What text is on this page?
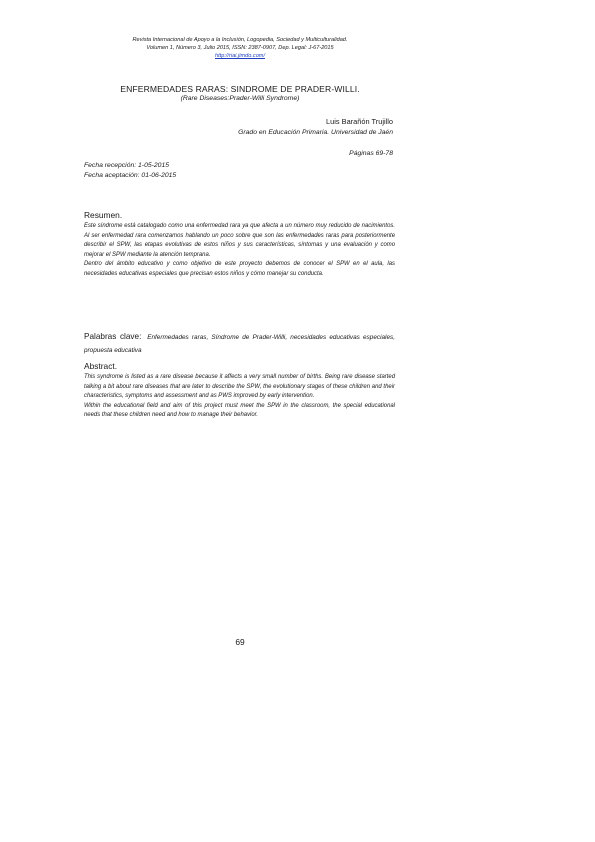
Revista Internacional de Apoyo a la Inclusión, Logopedia, Sociedad y Multiculturalidad.
Volumen 1, Número 3, Julio 2015, ISSN: 2387-0907, Dep. Legal: J-67-2015
http://riai.jimdo.com/
ENFERMEDADES RARAS: SINDROME DE PRADER-WILLI.
(Rare Diseases:Prader-Willi Syndrome)
Luis Barañón Trujillo
Grado en Educación Primaria. Universidad de Jaén
Páginas 69-78
Fecha recepción: 1-05-2015
Fecha aceptación: 01-06-2015
Resumen.

Este síndrome está catalogado como una enfermedad rara ya que afecta a un número muy reducido de nacimientos. Al ser enfermedad rara comenzamos hablando un poco sobre que son las enfermedades raras para posteriormente describir el SPW, las etapas evolutivas de estos niños y sus características, síntomas y una evaluación y como mejorar el SPW mediante la atención temprana.

Dentro del ámbito educativo y como objetivo de este proyecto debemos de conocer el SPW en el aula, las necesidades educativas especiales que precisan estos niños y cómo manejar su conducta.

Palabras clave: Enfermedades raras, Síndrome de Prader-Willi, necesidades educativas especiales, propuesta educativa
Abstract.

This syndrome is listed as a rare disease because it affects a very small number of births. Being rare disease started talking a bit about rare diseases that are later to describe the SPW, the evolutionary stages of these children and their characteristics, symptoms and assessment and as PWS improved by early intervention.

Within the educational field and aim of this project must meet the SPW in the classroom, the special educational needs that these children need and how to manage their behavior.

69
